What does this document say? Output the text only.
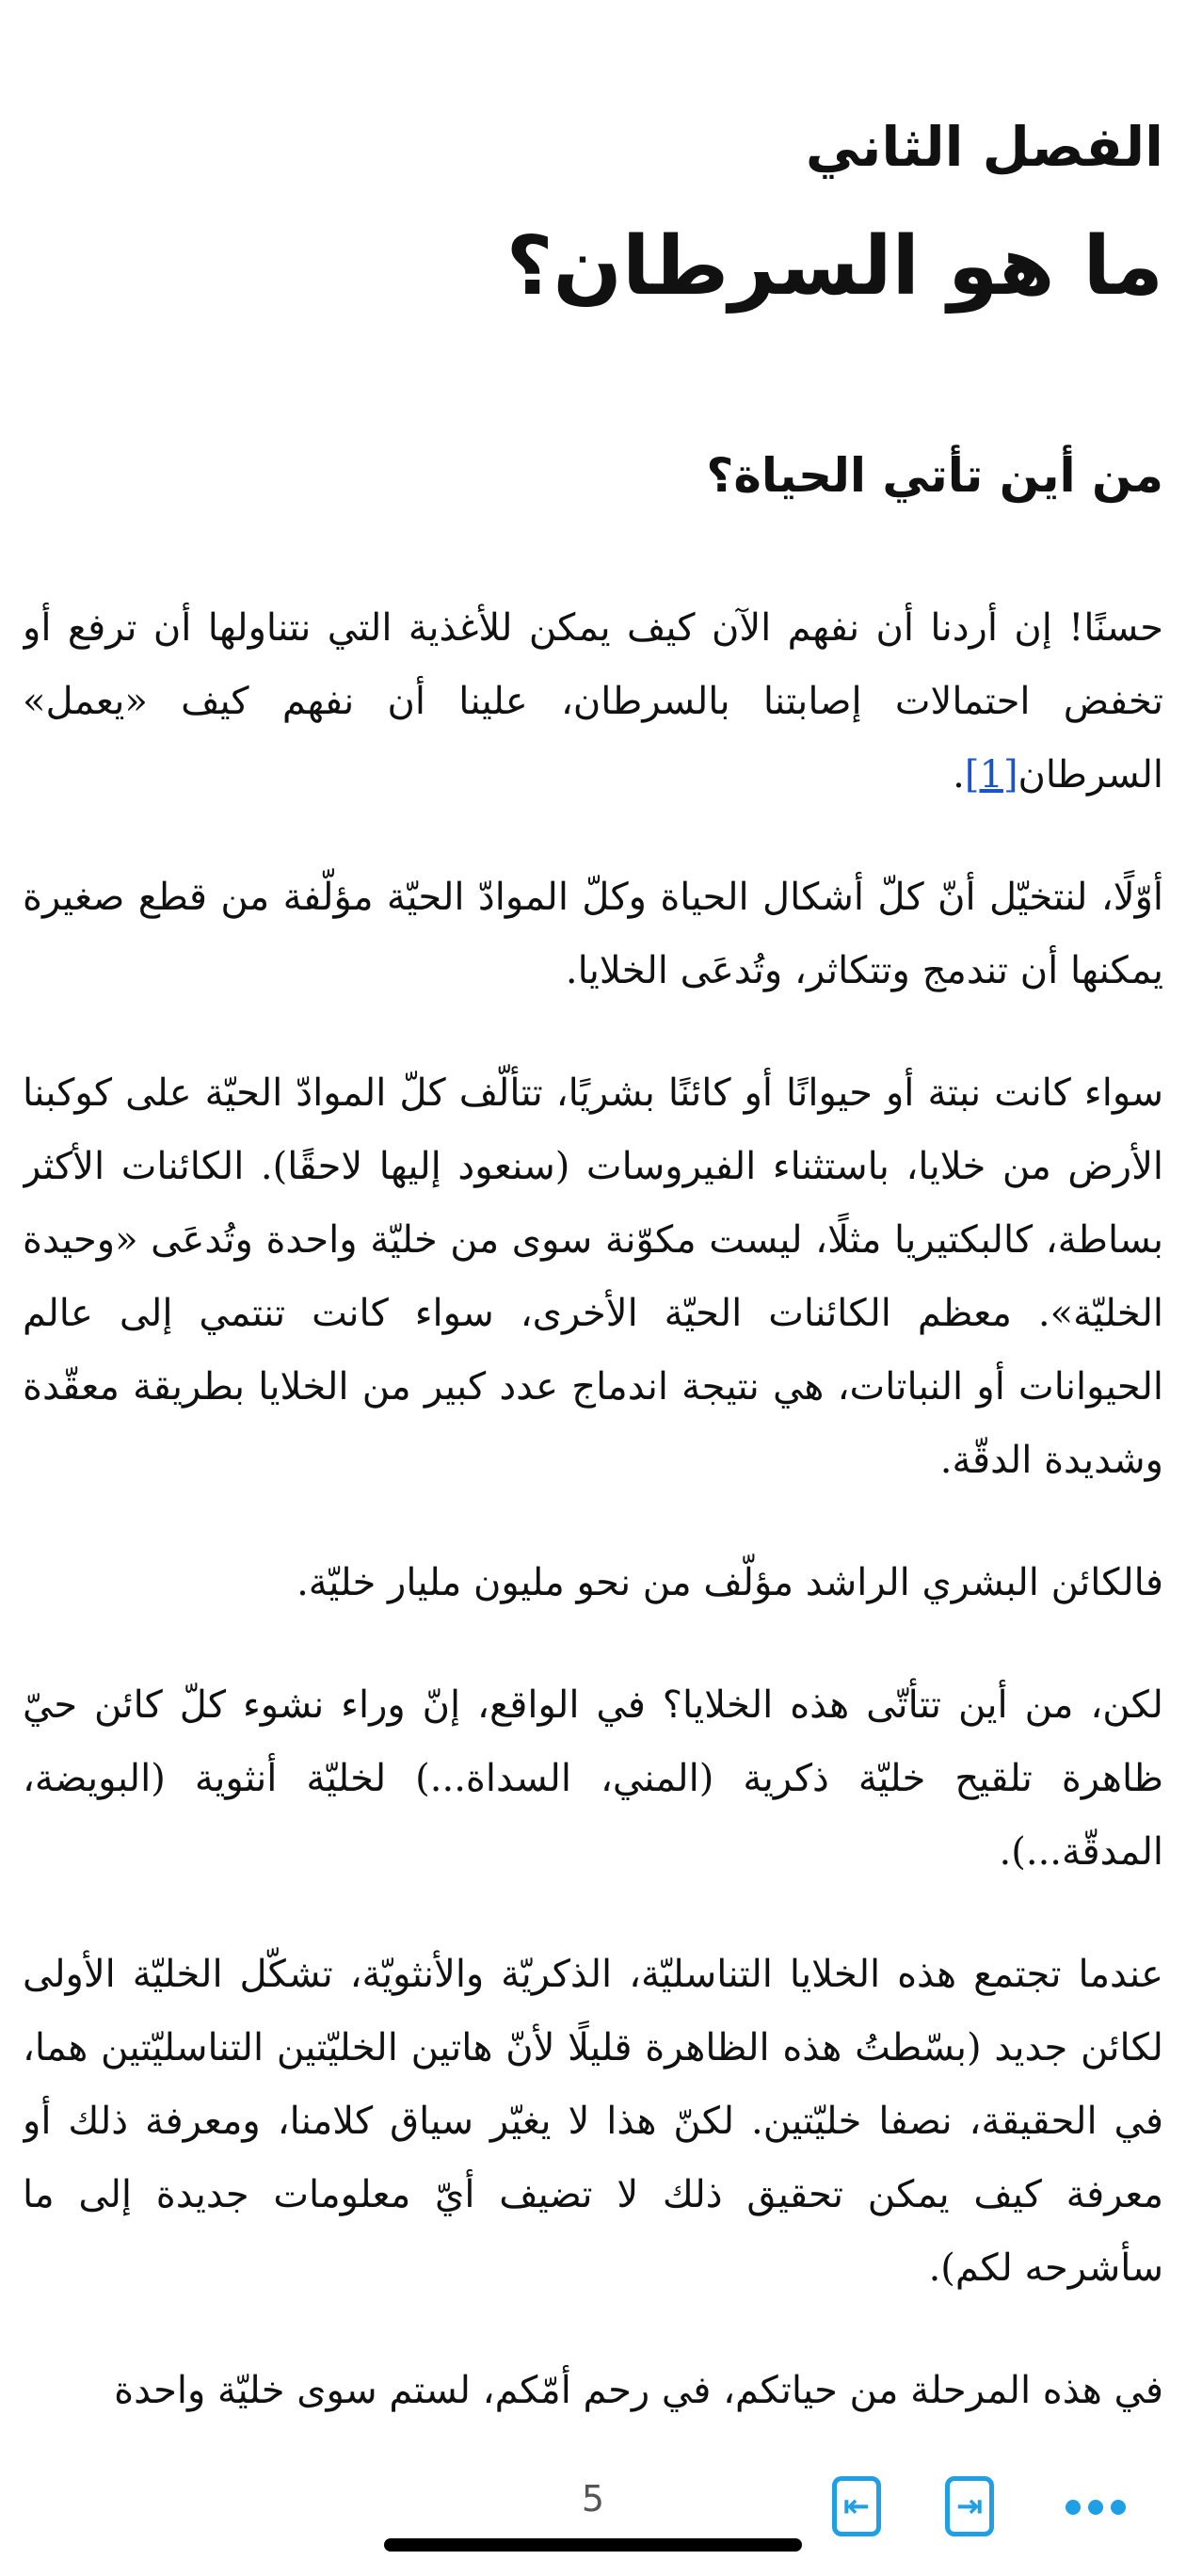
الفصل الثاني
ما هو السرطان؟
من أين تأتي الحياة؟

حسنًا! إن أردنا أن نفهم الآن كيف يمكن للأغذية التي نتناولها أن ترفع أو تخفض احتمالات إصابتنا بالسرطان، علينا أن نفهم كيف «يعمل» السرطان[1].

أوّلًا، لنتخيّل أنّ كلّ أشكال الحياة وكلّ الموادّ الحيّة مؤلّفة من قطع صغيرة يمكنها أن تندمج وتتكاثر، وتُدعَى الخلايا.

سواء كانت نبتة أو حيوانًا أو كائنًا بشريًا، تتألّف كلّ الموادّ الحيّة على كوكبنا الأرض من خلايا، باستثناء الفيروسات (سنعود إليها لاحقًا). الكائنات الأكثر بساطة، كالبكتيريا مثلًا، ليست مكوّنة سوى من خليّة واحدة وتُدعَى «وحيدة الخليّة». معظم الكائنات الحيّة الأخرى، سواء كانت تنتمي إلى عالم الحيوانات أو النباتات، هي نتيجة اندماج عدد كبير من الخلايا بطريقة معقّدة وشديدة الدقّة.

فالكائن البشري الراشد مؤلّف من نحو مليون مليار خليّة.

لكن، من أين تتأتّى هذه الخلايا؟ في الواقع، إنّ وراء نشوء كلّ كائن حيّ ظاهرة تلقيح خليّة ذكرية (المني، السداة...) لخليّة أنثوية (البويضة، المدقّة...).

عندما تجتمع هذه الخلايا التناسليّة، الذكريّة والأنثويّة، تشكّل الخليّة الأولى لكائن جديد (بسّطتُ هذه الظاهرة قليلًا لأنّ هاتين الخليّتين التناسليّتين هما، في الحقيقة، نصفا خليّتين. لكنّ هذا لا يغيّر سياق كلامنا، ومعرفة ذلك أو معرفة كيف يمكن تحقيق ذلك لا تضيف أيّ معلومات جديدة إلى ما سأشرحه لكم).

في هذه المرحلة من حياتكم، في رحم أمّكم، لستم سوى خليّة واحدة

5	⇤	⇥
